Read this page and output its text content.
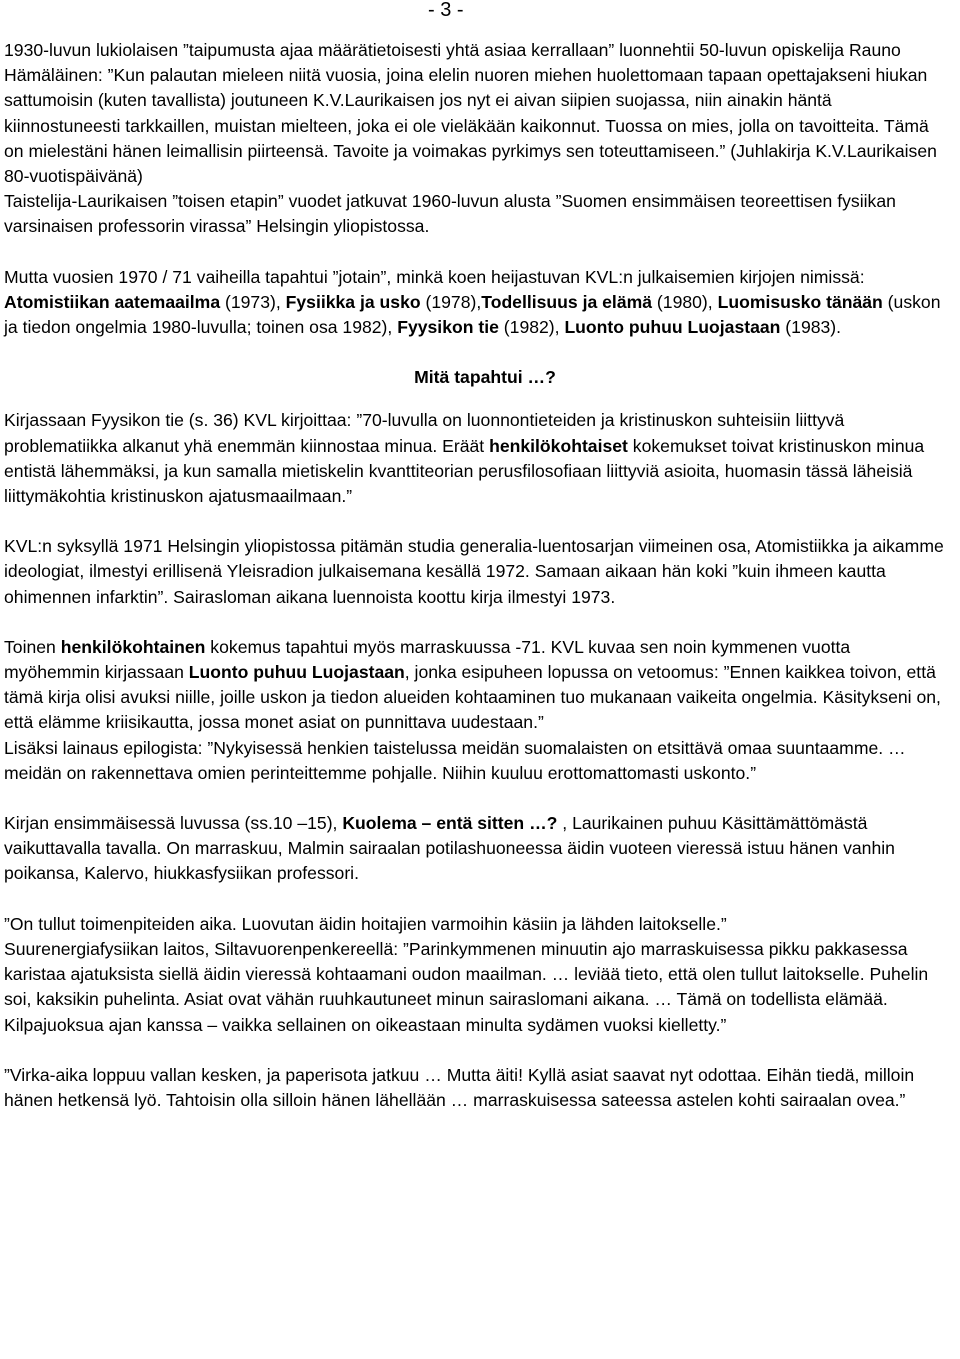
- 3 -

1930-luvun lukiolaisen ”taipumusta ajaa määrätietoisesti yhtä asiaa kerrallaan” luonnehtii 50-luvun opiskelija Rauno Hämäläinen: ”Kun palautan mieleen niitä vuosia, joina elelin nuoren miehen huolettomaan tapaan opettajakseni hiukan sattumoisin (kuten tavallista) joutuneen K.V.Laurikaisen jos nyt ei aivan siipien suojassa, niin ainakin häntä kiinnostuneesti tarkkaillen, muistan mielteen, joka ei ole vieläkään kaikonnut. Tuossa on mies, jolla on tavoitteita. Tämä on mielestäni hänen leimallisin piirteensä. Tavoite ja voimakas pyrkimys sen toteuttamiseen.” (Juhlakirja K.V.Laurikaisen 80-vuotispäivänä)
Taistelija-Laurikaisen ”toisen etapin” vuodet jatkuvat 1960-luvun alusta ”Suomen ensimmäisen teoreettisen fysiikan varsinaisen professorin virassa” Helsingin yliopistossa.

Mutta vuosien 1970 / 71 vaiheilla tapahtui ”jotain”, minkä koen heijastuvan KVL:n julkaisemien kirjojen nimissä:
Atomistiikan aatemaailma (1973), Fysiikka ja usko (1978),Todellisuus ja elämä (1980), Luomisusko tänään (uskon ja tiedon ongelmia 1980-luvulla; toinen osa 1982), Fyysikon tie (1982), Luonto puhuu Luojastaan (1983).

Mitä tapahtui …?

Kirjassaan Fyysikon tie (s. 36) KVL kirjoittaa: ”70-luvulla on luonnontieteiden ja kristinuskon suhteisiin liittyvä problematiikka alkanut yhä enemmän kiinnostaa minua. Eräät henkilökohtaiset kokemukset toivat kristinuskon minua entistä lähemmäksi, ja kun samalla mietiskelin kvanttiteorian perusfilosofiaan liittyviä asioita, huomasin tässä läheisiä liittymäkohtia kristinuskon ajatusmaailmaan.”

KVL:n syksyllä 1971 Helsingin yliopistossa pitämän studia generalia-luentosarjan viimeinen osa, Atomistiikka ja aikamme ideologiat, ilmestyi erillisenä Yleisradion julkaisemana kesällä 1972. Samaan aikaan hän koki ”kuin ihmeen kautta ohimennen infarktin”. Sairasloman aikana luennoista koottu kirja ilmestyi 1973.

Toinen henkilökohtainen kokemus tapahtui myös marraskuussa -71. KVL kuvaa sen noin kymmenen vuotta myöhemmin kirjassaan Luonto puhuu Luojastaan, jonka esipuheen lopussa on vetoomus: ”Ennen kaikkea toivon, että tämä kirja olisi avuksi niille, joille uskon ja tiedon alueiden kohtaaminen tuo mukanaan vaikeita ongelmia. Käsitykseni on, että elämme kriisikautta, jossa monet asiat on punnittava uudestaan.”
Lisäksi lainaus epilogista: ”Nykyisessä henkien taistelussa meidän suomalaisten on etsittävä omaa suuntaamme. … meidän on rakennettava omien perinteittemme pohjalle. Niihin kuuluu erottomattomasti uskonto.”

Kirjan ensimmäisessä luvussa (ss.10 –15), Kuolema – entä sitten …? , Laurikainen puhuu Käsittämättömästä vaikuttavalla tavalla. On marraskuu, Malmin sairaalan potilashuoneessa äidin vuoteen vieressä istuu hänen vanhin poikansa, Kalervo, hiukkasfysiikan professori.

”On tullut toimenpiteiden aika. Luovutan äidin hoitajien varmoihin käsiin ja lähden laitokselle.”
Suurenergiafysiikan laitos, Siltavuorenpenkereellä: ”Parinkymmenen minuutin ajo marraskuisessa pikku pakkasessa karistaa ajatuksista siellä äidin vieressä kohtaamani oudon maailman. … leviää tieto, että olen tullut laitokselle. Puhelin soi, kaksikin puhelinta. Asiat ovat vähän ruuhkautuneet minun sairaslomani aikana. … Tämä on todellista elämää. Kilpajuoksua ajan kanssa – vaikka sellainen on oikeastaan minulta sydämen vuoksi kielletty.”

”Virka-aika loppuu vallan kesken, ja paperisota jatkuu … Mutta äiti! Kyllä asiat saavat nyt odottaa. Eihän tiedä, milloin hänen hetkensä lyö. Tahtoisin olla silloin hänen lähellään … marraskuisessa sateessa astelen kohti sairaalan ovea.”
